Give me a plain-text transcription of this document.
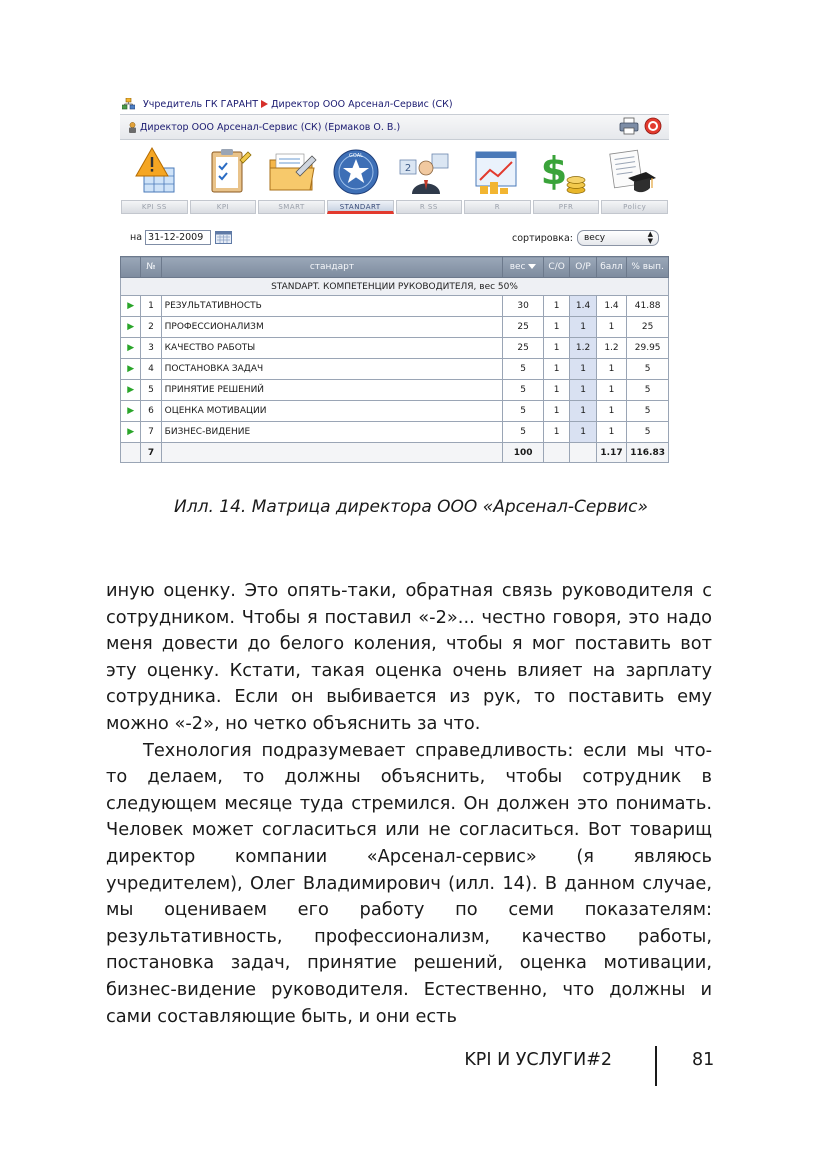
Учредитель ГК ГАРАНТ Директор ООО Арсенал-Сервис (СК)
Директор ООО Арсенал-Сервис (СК) (Ермаков О. В.)
GOAL
2	$
KPI SS	KPI	SMART	STANDART	R SS	R	PFR	Policy
на 31-12-2009	сортировка:	весу	▲
▼
	№	стандарт	вес	С/О	О/Р	балл	% вып.
STANDAPT. КОМПЕТЕНЦИИ РУКОВОДИТЕЛЯ, вес 50%							
▶	1	РЕЗУЛЬТАТИВНОСТЬ	30	1	1.4	1.4	41.88
▶	2	ПРОФЕССИОНАЛИЗМ	25	1	1	1	25
▶	3	КАЧЕСТВО РАБОТЫ	25	1	1.2	1.2	29.95
▶	4	ПОСТАНОВКА ЗАДАЧ	5	1	1	1	5
▶	5	ПРИНЯТИЕ РЕШЕНИЙ	5	1	1	1	5
▶	6	ОЦЕНКА МОТИВАЦИИ	5	1	1	1	5
▶	7	БИЗНЕС-ВИДЕНИЕ	5	1	1	1	5
	7		100			1.17	116.83
Илл. 14. Матрица директора ООО «Арсенал-Сервис»

иную оценку. Это опять-таки, обратная связь руководителя с сотрудником. Чтобы я поставил «-2»... честно говоря, это надо меня довести до белого коления, чтобы я мог поставить вот эту оценку. Кстати, такая оценка очень влияет на зарплату сотрудника. Если он выбивается из рук, то поставить ему можно «-2», но четко объяснить за что.

Технология подразумевает справедливость: если мы что-то делаем, то должны объяснить, чтобы сотрудник в следующем месяце туда стремился. Он должен это понимать. Человек может согласиться или не согласиться. Вот товарищ директор компании «Арсенал-сервис» (я являюсь учредителем), Олег Владимирович (илл. 14). В данном случае, мы оцениваем его работу по семи показателям: результативность, профессионализм, качество работы, постановка задач, принятие решений, оценка мотивации, бизнес-видение руководителя. Естественно, что должны и сами составляющие быть, и они есть

KPI И УСЛУГИ#2	81
